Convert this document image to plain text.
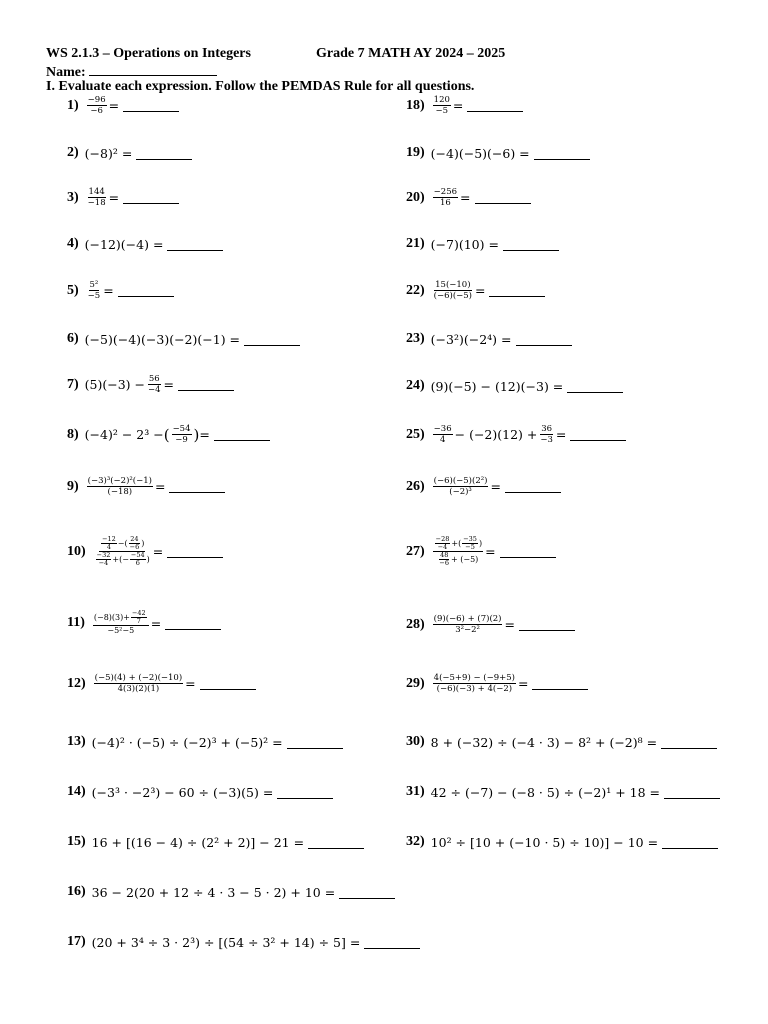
WS 2.1.3 – Operations on Integers	Grade 7 MATH AY 2024 – 2025
Name:
I. Evaluate each expression. Follow the PEMDAS Rule for all questions.
$1) \frac{-96}{-6}$ =
2) (−8)² =
$3) \frac{144}{-18}$ =
4) (−12)(−4) =
$5) \frac{\text{5²}}{-5}$ =
6) (−5)(−4)(−3)(−2)(−1) =
7) $(5)(-3) - \frac{56}{-4}$ =
8) (−4)² − 2³ − ( −54
−9 ) =
$9) \frac{\text{(−3)³(−2)²(−1)}}{(-18)}$ =
10) −12
4 − ( $\frac{24}{-6}$ )
−32
−4 + ( − $\frac{-54}{6}$ ) =
$11) \frac{(-8)(3)+ \frac{-42}{7}}{\text{−5²−5}}$ =
$12) \frac{(-5)(4) + (-2)(-10)}{4(3)(2)(1)}$ =
13) (−4)² · (−5) ÷ (−2)³ + (−5)² =
14) (−3³ · −2³) − 60 ÷ (−3)(5) =
15) 16 + [(16 − 4) ÷ (2² + 2)] − 21 =
16) 36 − 2(20 + 12 ÷ 4 · 3 − 5 · 2) + 10 =
17) (20 + 3⁴ ÷ 3 · 2³) ÷ [(54 ÷ 3² + 14) ÷ 5] =
$18) \frac{120}{-5}$ =
19) (−4)(−5)(−6) =
$20) \frac{-256}{16}$ =
21) (−7)(10) =
$22) \frac{15(-10)}{(-6)(-5)}$ =
23) (−3²)(−2⁴) =
24) (9)(−5) − (12)(−3) =
25) −36
$4 - (-2)(12) + \frac{36}{-3}$ =
$26) \frac{\text{(−6)(−5)(2²)}}{\text{(−2)³}}$ =
27) −28
−4 + ( $\frac{-35}{-5}$ )
48
−6 + (−5) =
$28) \frac{(9)(-6) + (7)(2)}{\text{3²−2²}}$ =
$29) \frac{4(-5+9) - (-9+5)}{(-6)(-3) + 4(-2)}$ =
30) 8 + (−32) ÷ (−4 · 3) − 8² + (−2)⁸ =
31) 42 ÷ (−7) − (−8 · 5) ÷ (−2)¹ + 18 =
32) 10² ÷ [10 + (−10 · 5) ÷ 10)] − 10 =
